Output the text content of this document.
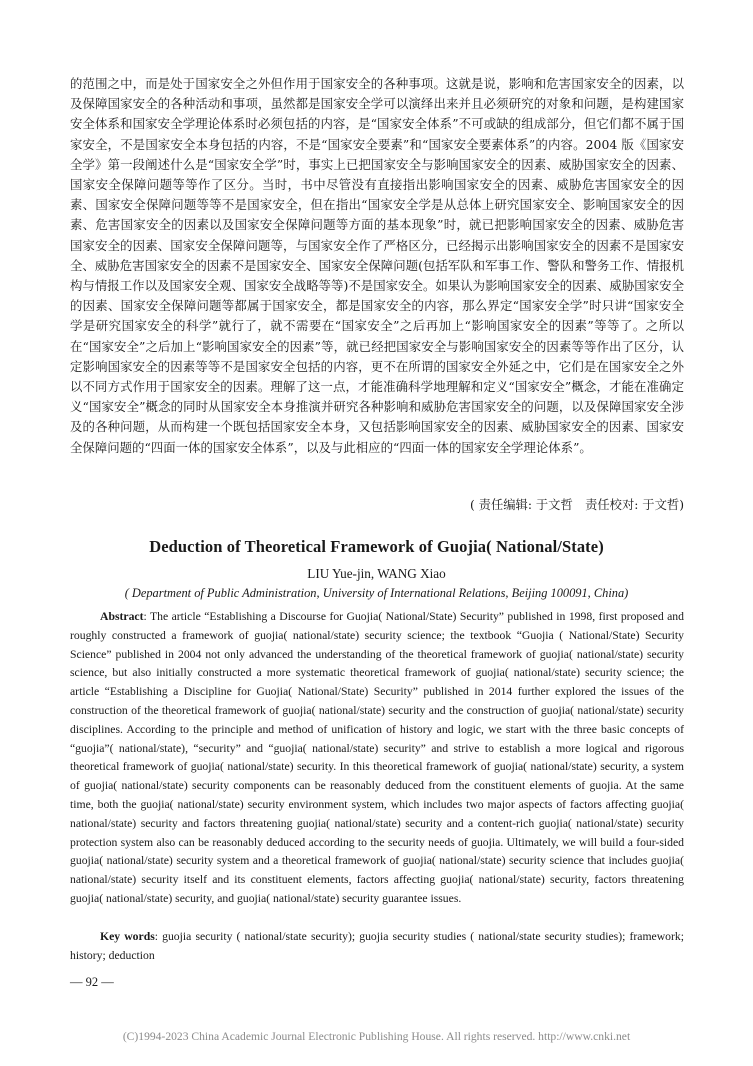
的范围之中，而是处于国家安全之外但作用于国家安全的各种事项。这就是说，影响和危害国家安全的因素，以及保障国家安全的各种活动和事项，虽然都是国家安全学可以演绎出来并且必须研究的对象和问题，是构建国家安全体系和国家安全学理论体系时必须包括的内容，是“国家安全体系”不可或缺的组成部分，但它们都不属于国家安全，不是国家安全本身包括的内容，不是“国家安全要素”和“国家安全要素体系”的内容。2004 版《国家安全学》第一段阐述什么是“国家安全学”时，事实上已把国家安全与影响国家安全的因素、威胁国家安全的因素、国家安全保障问题等等作了区分。当时，书中尽管没有直接指出影响国家安全的因素、威胁危害国家安全的因素、国家安全保障问题等等不是国家安全，但在指出“国家安全学是从总体上研究国家安全、影响国家安全的因素、危害国家安全的因素以及国家安全保障问题等方面的基本现象”时，就已把影响国家安全的因素、威胁危害国家安全的因素、国家安全保障问题等，与国家安全作了严格区分，已经揭示出影响国家安全的因素不是国家安全、威胁危害国家安全的因素不是国家安全、国家安全保障问题(包括军队和军事工作、警队和警务工作、情报机构与情报工作以及国家安全观、国家安全战略等等)不是国家安全。如果认为影响国家安全的因素、威胁国家安全的因素、国家安全保障问题等都属于国家安全，都是国家安全的内容，那么界定“国家安全学”时只讲“国家安全学是研究国家安全的科学”就行了，就不需要在“国家安全”之后再加上“影响国家安全的因素”等等了。之所以在“国家安全”之后加上“影响国家安全的因素”等，就已经把国家安全与影响国家安全的因素等等作出了区分，认定影响国家安全的因素等等不是国家安全包括的内容，更不在所谓的国家安全外延之中，它们是在国家安全之外以不同方式作用于国家安全的因素。理解了这一点，才能准确科学地理解和定义“国家安全”概念，才能在准确定义“国家安全”概念的同时从国家安全本身推演并研究各种影响和威胁危害国家安全的问题，以及保障国家安全涉及的各种问题，从而构建一个既包括国家安全本身，又包括影响国家安全的因素、威胁国家安全的因素、国家安全保障问题的“四面一体的国家安全体系”，以及与此相应的“四面一体的国家安全学理论体系”。
( 责任编辑: 于文哲　责任校对: 于文哲)
Deduction of Theoretical Framework of Guojia( National/State)
LIU Yue-jin, WANG Xiao
( Department of Public Administration, University of International Relations, Beijing 100091, China)
Abstract: The article “Establishing a Discourse for Guojia( National/State) Security” published in 1998, first proposed and roughly constructed a framework of guojia( national/state) security science; the textbook “Guojia ( National/State) Security Science” published in 2004 not only advanced the understanding of the theoretical framework of guojia( national/state) security science, but also initially constructed a more systematic theoretical framework of guojia( national/state) security science; the article “Establishing a Discipline for Guojia( National/State) Security” published in 2014 further explored the issues of the construction of the theoretical framework of guojia( national/state) security and the construction of guojia( national/state) security disciplines. According to the principle and method of unification of history and logic, we start with the three basic concepts of “guojia”( national/state), “security” and “guojia( national/state) security” and strive to establish a more logical and rigorous theoretical framework of guojia( national/state) security. In this theoretical framework of guojia( national/state) security, a system of guojia( national/state) security components can be reasonably deduced from the constituent elements of guojia. At the same time, both the guojia( national/state) security environment system, which includes two major aspects of factors affecting guojia( national/state) security and factors threatening guojia( national/state) security and a content-rich guojia( national/state) security protection system also can be reasonably deduced according to the security needs of guojia. Ultimately, we will build a four-sided guojia( national/state) security system and a theoretical framework of guojia( national/state) security science that includes guojia( national/state) security itself and its constituent elements, factors affecting guojia( national/state) security, factors threatening guojia( national/state) security, and guojia( national/state) security guarantee issues.
Key words: guojia security ( national/state security); guojia security studies ( national/state security studies); framework; history; deduction
— 92 —
(C)1994-2023 China Academic Journal Electronic Publishing House. All rights reserved. http://www.cnki.net
